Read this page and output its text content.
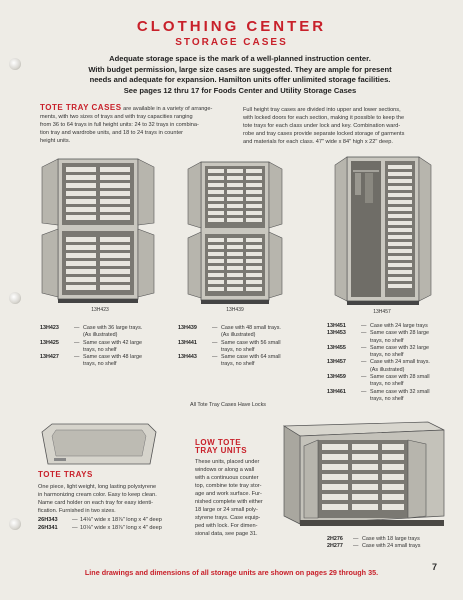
CLOTHING CENTER
STORAGE CASES
Adequate storage space is the mark of a well-planned instruction center.
With budget permission, large size cases are suggested. They are ample for present
needs and adequate for expansion. Hamilton units offer unlimited storage facilities.
See pages 12 thru 17 for Foods Center and Utility Storage Cases
TOTE TRAY CASES are available in a variety of arrange-
ments, with two sizes of trays and with tray capacities ranging
from 36 to 64 trays in full height units: 24 to 32 trays in combina-
tion tray and wardrobe units, and 18 to 24 trays in counter
height units.
Full height tray cases are divided into upper and lower sections,
with locked doors for each section, making it possible to keep the
tote trays for each class under lock and key. Combination ward-
robe and tray cases provide separate locked storage of garments
and materials for each class. 47" wide x 84" high x 22" deep.
13H423	13H439	13H457
13H423	— Case with 36 large trays.
(As illustrated)
13H425	— Same case with 42 large
trays, no shelf
13H427	— Same case with 48 large
trays, no shelf
13H439	— Case with 48 small trays.
(As illustrated)
13H441	— Same case with 56 small
trays, no shelf
13H443	— Same case with 64 small
trays, no shelf
13H451	— Case with 24 large trays
13H453	— Same case with 28 large
trays, no shelf
13H455	— Same case with 32 large
trays, no shelf
13H457	— Case with 24 small trays.
(As illustrated)
13H459	— Same case with 28 small
trays, no shelf
13H461	— Same case with 32 small
trays, no shelf
All Tote Tray Cases Have Locks
TOTE TRAYS
One piece, light weight, long lasting polystyrene
in harmonizing cream color. Easy to keep clean.
Name card holder on each tray for easy identi-
fication. Furnished in two sizes.
26H343	— 14⅛" wide x 18⅞" long x 4" deep
26H341	— 10⅛" wide x 18⅞" long x 4" deep
LOW TOTE
TRAY UNITS
These units, placed under
windows or along a wall
with a continuous counter
top, combine tote tray stor-
age and work surface. Fur-
nished complete with either
18 large or 24 small poly-
styrene trays. Case equip-
ped with lock. For dimen-
sional data, see page 31.
2H276	— Case with 18 large trays
2H277	— Case with 24 small trays
Line drawings and dimensions of all storage units are shown on pages 29 through 35.
7
